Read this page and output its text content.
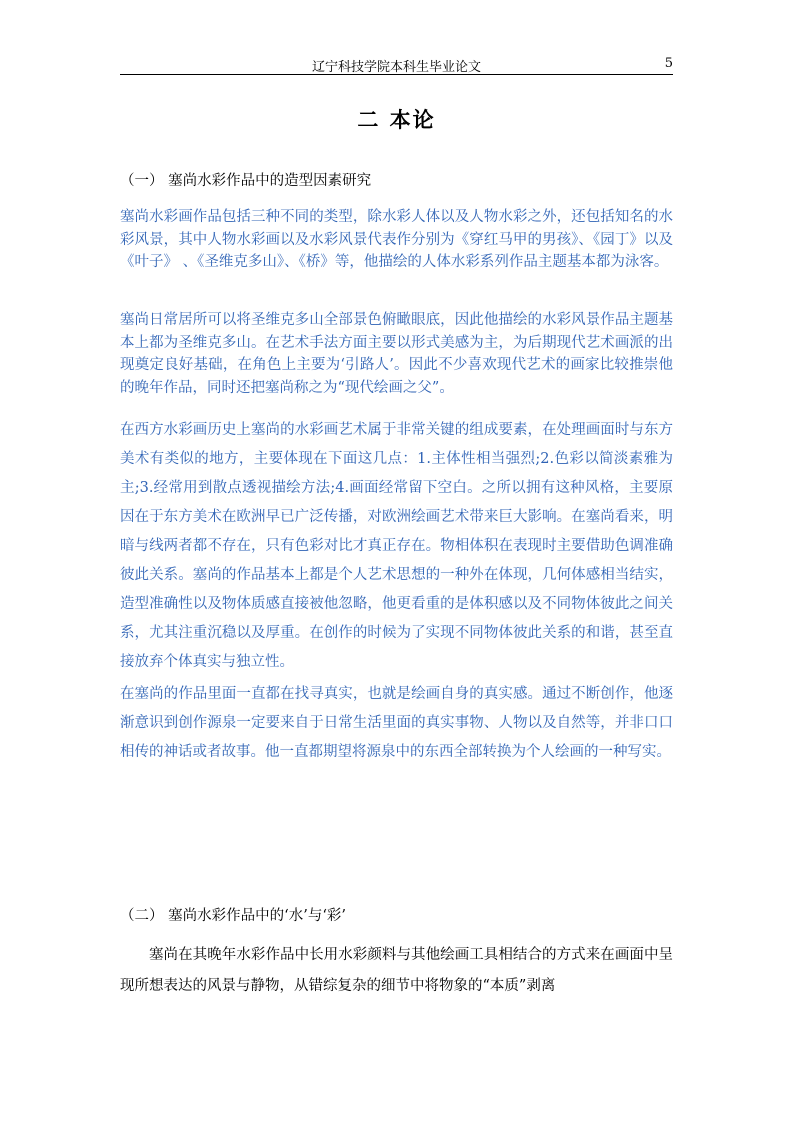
辽宁科技学院本科生毕业论文	5
二 本论
（一） 塞尚水彩作品中的造型因素研究
塞尚水彩画作品包括三种不同的类型，除水彩人体以及人物水彩之外，还包括知名的水彩风景，其中人物水彩画以及水彩风景代表作分别为《穿红马甲的男孩》、《园丁》以及《叶子》 、《圣维克多山》、《桥》等，他描绘的人体水彩系列作品主题基本都为泳客。
塞尚日常居所可以将圣维克多山全部景色俯瞰眼底，因此他描绘的水彩风景作品主题基本上都为圣维克多山。在艺术手法方面主要以形式美感为主，为后期现代艺术画派的出现奠定良好基础，在角色上主要为‘引路人’。因此不少喜欢现代艺术的画家比较推崇他的晚年作品，同时还把塞尚称之为“现代绘画之父”。
在西方水彩画历史上塞尚的水彩画艺术属于非常关键的组成要素，在处理画面时与东方美术有类似的地方，主要体现在下面这几点：1.主体性相当强烈;2.色彩以简淡素雅为主;3.经常用到散点透视描绘方法;4.画面经常留下空白。之所以拥有这种风格，主要原因在于东方美术在欧洲早已广泛传播，对欧洲绘画艺术带来巨大影响。在塞尚看来，明暗与线两者都不存在，只有色彩对比才真正存在。物相体积在表现时主要借助色调准确彼此关系。塞尚的作品基本上都是个人艺术思想的一种外在体现，几何体感相当结实，造型准确性以及物体质感直接被他忽略，他更看重的是体积感以及不同物体彼此之间关系，尤其注重沉稳以及厚重。在创作的时候为了实现不同物体彼此关系的和谐，甚至直接放弃个体真实与独立性。
在塞尚的作品里面一直都在找寻真实，也就是绘画自身的真实感。通过不断创作，他逐渐意识到创作源泉一定要来自于日常生活里面的真实事物、人物以及自然等，并非口口相传的神话或者故事。他一直都期望将源泉中的东西全部转换为个人绘画的一种写实。
（二） 塞尚水彩作品中的‘水’与‘彩’
塞尚在其晚年水彩作品中长用水彩颜料与其他绘画工具相结合的方式来在画面中呈现所想表达的风景与静物，从错综复杂的细节中将物象的“本质”剥离
